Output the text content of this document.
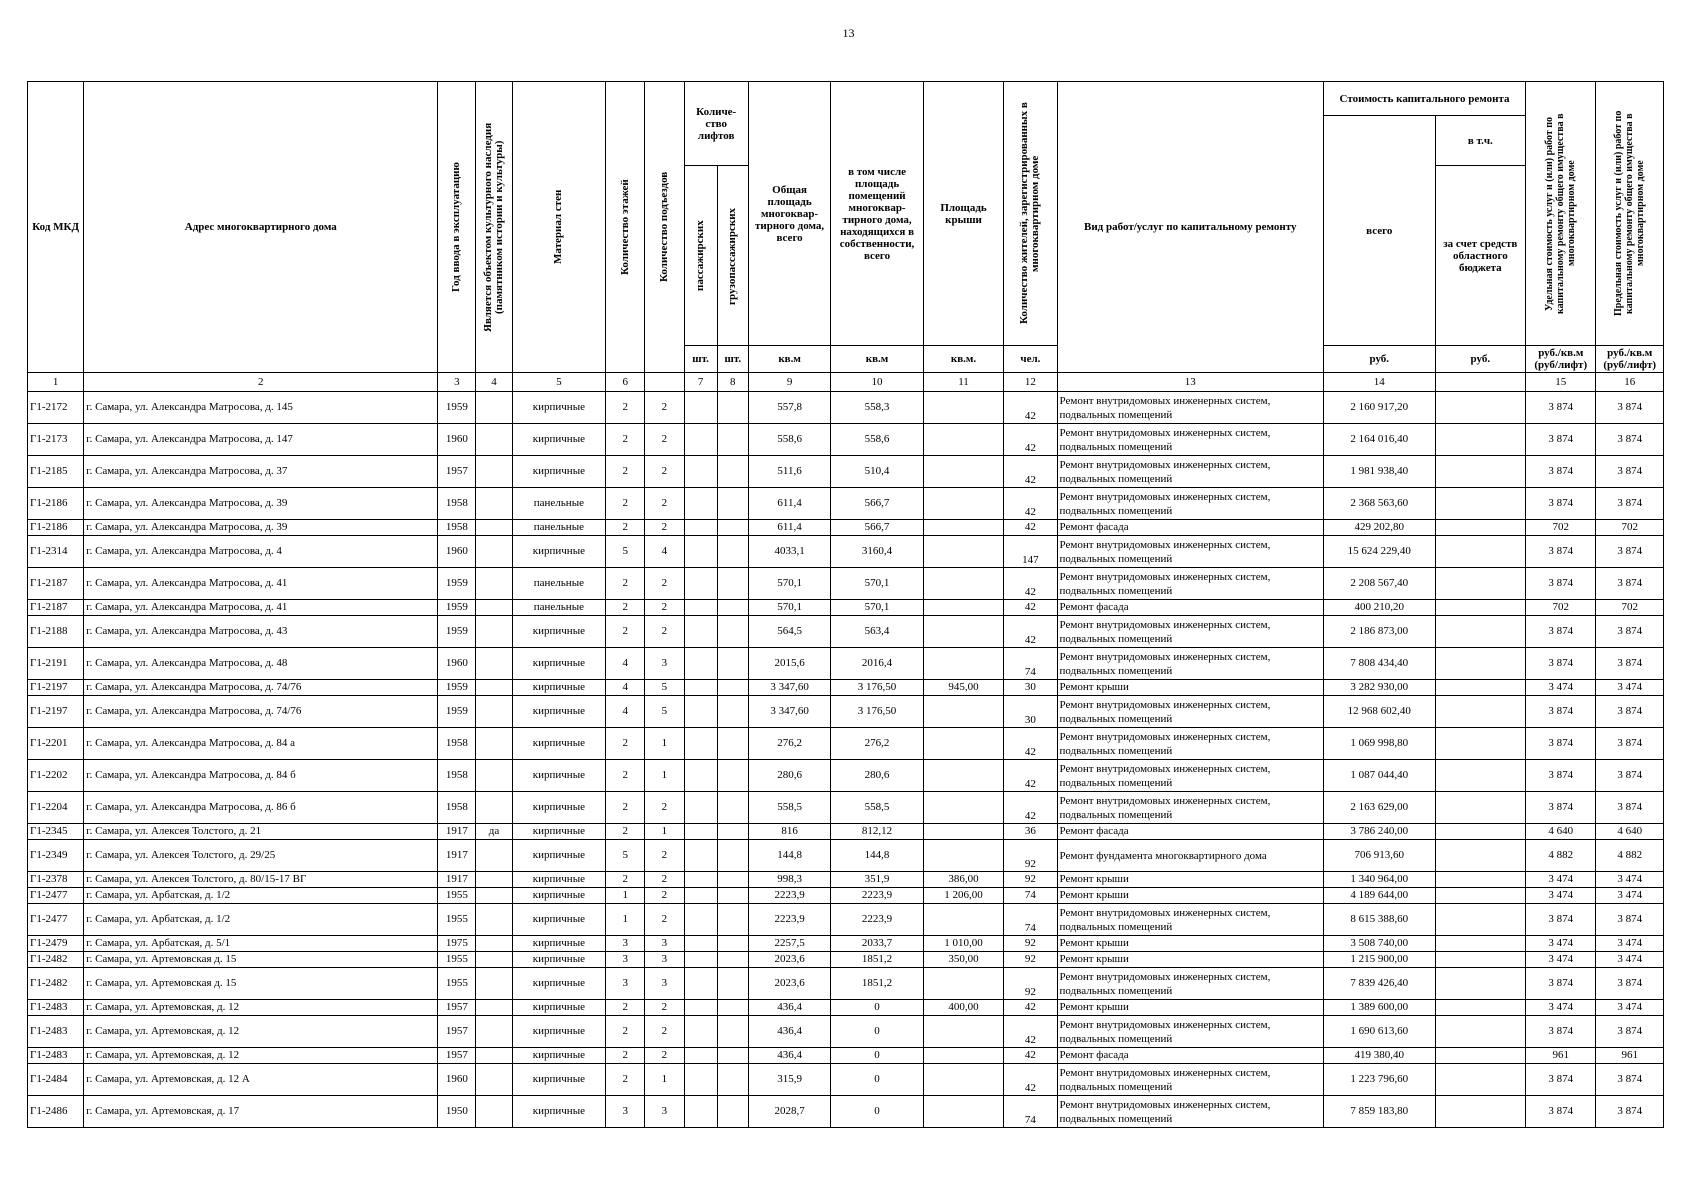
13
Код МКД	Адрес многоквартирного дома	Год ввода в эксплуатацию	Является объектом культурного наследия (памятником истории и культуры)	Материал стен	Количество этажей	Количество подъездов	Количе-ство лифтов		Общая площадь многоквар-тирного дома, всего	в том числе площадь помещений многоквар-тирного дома, находящихся в собственности, всего	Площадь крыши	Количество жителей, зарегистрированных в многоквартирном доме	Вид работ/услуг по капитальному ремонту	Стоимость капитального ремонта		Удельная стоимость услуг и (или) работ по капитальному ремонту общего имущества в многоквартирном доме	Предельная стоимость услуг и (или) работ по капитальному ремонту общего имущества в многоквартирном доме

														всего	в т.ч.		

							пассажирских	грузопассажирских							за счет средств областного бюджета		
							шт.	шт.	кв.м	кв.м	кв.м.	чел.		руб.	руб.	руб./кв.м (руб/лифт)	руб./кв.м (руб/лифт)
1	2	3	4	5	6		7	8	9	10	11	12	13	14		15	16
Г1-2172	г. Самара, ул. Александра Матросова, д. 145	1959		кирпичные	2	2			557,8	558,3		42	Ремонт внутридомовых инженерных систем, подвальных помещений	2 160 917,20		3 874	3 874
Г1-2173	г. Самара, ул. Александра Матросова, д. 147	1960		кирпичные	2	2			558,6	558,6		42	Ремонт внутридомовых инженерных систем, подвальных помещений	2 164 016,40		3 874	3 874
Г1-2185	г. Самара, ул. Александра Матросова, д. 37	1957		кирпичные	2	2			511,6	510,4		42	Ремонт внутридомовых инженерных систем, подвальных помещений	1 981 938,40		3 874	3 874
Г1-2186	г. Самара, ул. Александра Матросова, д. 39	1958		панельные	2	2			611,4	566,7		42	Ремонт внутридомовых инженерных систем, подвальных помещений	2 368 563,60		3 874	3 874
Г1-2186	г. Самара, ул. Александра Матросова, д. 39	1958		панельные	2	2			611,4	566,7		42	Ремонт фасада	429 202,80		702	702
Г1-2314	г. Самара, ул. Александра Матросова, д. 4	1960		кирпичные	5	4			4033,1	3160,4		147	Ремонт внутридомовых инженерных систем, подвальных помещений	15 624 229,40		3 874	3 874
Г1-2187	г. Самара, ул. Александра Матросова, д. 41	1959		панельные	2	2			570,1	570,1		42	Ремонт внутридомовых инженерных систем, подвальных помещений	2 208 567,40		3 874	3 874
Г1-2187	г. Самара, ул. Александра Матросова, д. 41	1959		панельные	2	2			570,1	570,1		42	Ремонт фасада	400 210,20		702	702
Г1-2188	г. Самара, ул. Александра Матросова, д. 43	1959		кирпичные	2	2			564,5	563,4		42	Ремонт внутридомовых инженерных систем, подвальных помещений	2 186 873,00		3 874	3 874
Г1-2191	г. Самара, ул. Александра Матросова, д. 48	1960		кирпичные	4	3			2015,6	2016,4		74	Ремонт внутридомовых инженерных систем, подвальных помещений	7 808 434,40		3 874	3 874
Г1-2197	г. Самара, ул. Александра Матросова, д. 74/76	1959		кирпичные	4	5			3 347,60	3 176,50	945,00	30	Ремонт крыши	3 282 930,00		3 474	3 474
Г1-2197	г. Самара, ул. Александра Матросова, д. 74/76	1959		кирпичные	4	5			3 347,60	3 176,50		30	Ремонт внутридомовых инженерных систем, подвальных помещений	12 968 602,40		3 874	3 874
Г1-2201	г. Самара, ул. Александра Матросова, д. 84 а	1958		кирпичные	2	1			276,2	276,2		42	Ремонт внутридомовых инженерных систем, подвальных помещений	1 069 998,80		3 874	3 874
Г1-2202	г. Самара, ул. Александра Матросова, д. 84 б	1958		кирпичные	2	1			280,6	280,6		42	Ремонт внутридомовых инженерных систем, подвальных помещений	1 087 044,40		3 874	3 874
Г1-2204	г. Самара, ул. Александра Матросова, д. 86 б	1958		кирпичные	2	2			558,5	558,5		42	Ремонт внутридомовых инженерных систем, подвальных помещений	2 163 629,00		3 874	3 874
Г1-2345	г. Самара, ул. Алексея Толстого, д. 21	1917	да	кирпичные	2	1			816	812,12		36	Ремонт фасада	3 786 240,00		4 640	4 640
Г1-2349	г. Самара, ул. Алексея Толстого, д. 29/25	1917		кирпичные	5	2			144,8	144,8		92	Ремонт фундамента многоквартирного дома	706 913,60		4 882	4 882
Г1-2378	г. Самара, ул. Алексея Толстого, д. 80/15-17 ВГ	1917		кирпичные	2	2			998,3	351,9	386,00	92	Ремонт крыши	1 340 964,00		3 474	3 474
Г1-2477	г. Самара, ул. Арбатская, д. 1/2	1955		кирпичные	1	2			2223,9	2223,9	1 206,00	74	Ремонт крыши	4 189 644,00		3 474	3 474
Г1-2477	г. Самара, ул. Арбатская, д. 1/2	1955		кирпичные	1	2			2223,9	2223,9		74	Ремонт внутридомовых инженерных систем, подвальных помещений	8 615 388,60		3 874	3 874
Г1-2479	г. Самара, ул. Арбатская, д. 5/1	1975		кирпичные	3	3			2257,5	2033,7	1 010,00	92	Ремонт крыши	3 508 740,00		3 474	3 474
Г1-2482	г. Самара, ул. Артемовская д. 15	1955		кирпичные	3	3			2023,6	1851,2	350,00	92	Ремонт крыши	1 215 900,00		3 474	3 474
Г1-2482	г. Самара, ул. Артемовская д. 15	1955		кирпичные	3	3			2023,6	1851,2		92	Ремонт внутридомовых инженерных систем, подвальных помещений	7 839 426,40		3 874	3 874
Г1-2483	г. Самара, ул. Артемовская, д. 12	1957		кирпичные	2	2			436,4	0	400,00	42	Ремонт крыши	1 389 600,00		3 474	3 474
Г1-2483	г. Самара, ул. Артемовская, д. 12	1957		кирпичные	2	2			436,4	0		42	Ремонт внутридомовых инженерных систем, подвальных помещений	1 690 613,60		3 874	3 874
Г1-2483	г. Самара, ул. Артемовская, д. 12	1957		кирпичные	2	2			436,4	0		42	Ремонт фасада	419 380,40		961	961
Г1-2484	г. Самара, ул. Артемовская, д. 12 А	1960		кирпичные	2	1			315,9	0		42	Ремонт внутридомовых инженерных систем, подвальных помещений	1 223 796,60		3 874	3 874
Г1-2486	г. Самара, ул. Артемовская, д. 17	1950		кирпичные	3	3			2028,7	0		74	Ремонт внутридомовых инженерных систем, подвальных помещений	7 859 183,80		3 874	3 874
